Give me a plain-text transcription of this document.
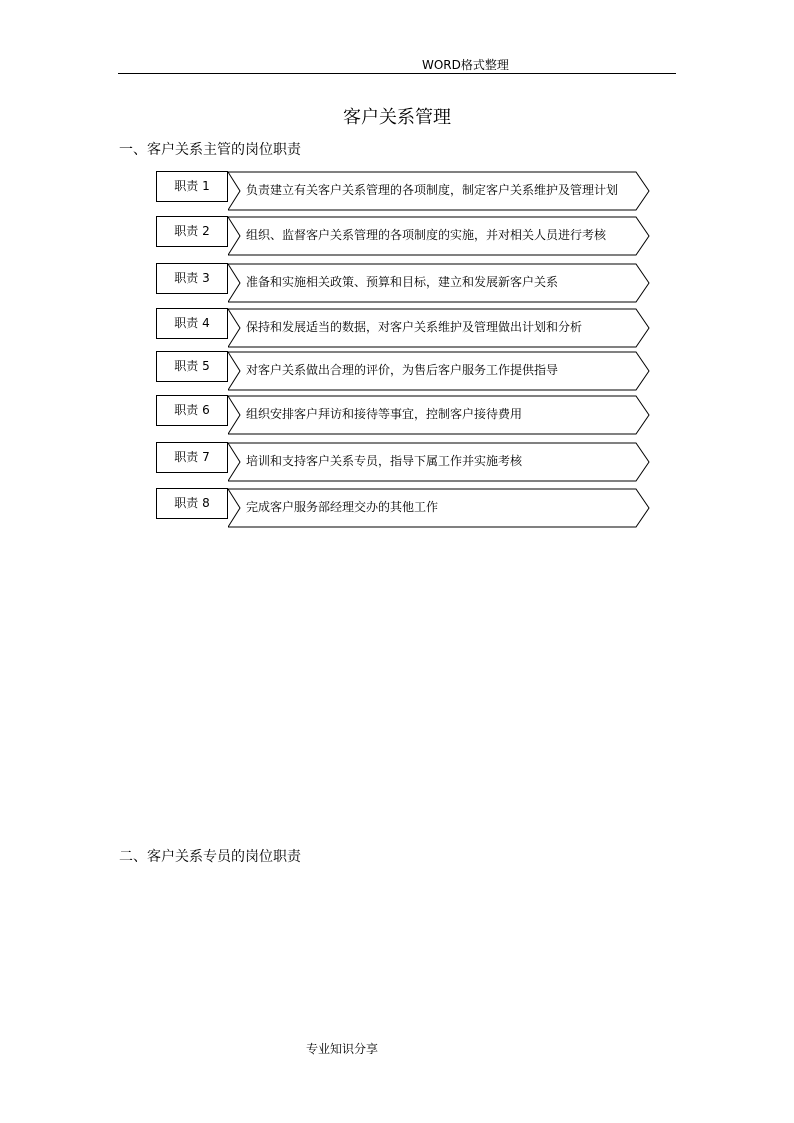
WORD格式整理
客户关系管理
一、客户关系主管的岗位职责
职责 1	负责建立有关客户关系管理的各项制度，制定客户关系维护及管理计划
职责 2	组织、监督客户关系管理的各项制度的实施，并对相关人员进行考核
职责 3	准备和实施相关政策、预算和目标，建立和发展新客户关系
职责 4	保持和发展适当的数据，对客户关系维护及管理做出计划和分析
职责 5	对客户关系做出合理的评价，为售后客户服务工作提供指导
职责 6	组织安排客户拜访和接待等事宜，控制客户接待费用
职责 7	培训和支持客户关系专员，指导下属工作并实施考核
职责 8	完成客户服务部经理交办的其他工作
二、客户关系专员的岗位职责
专业知识分享
